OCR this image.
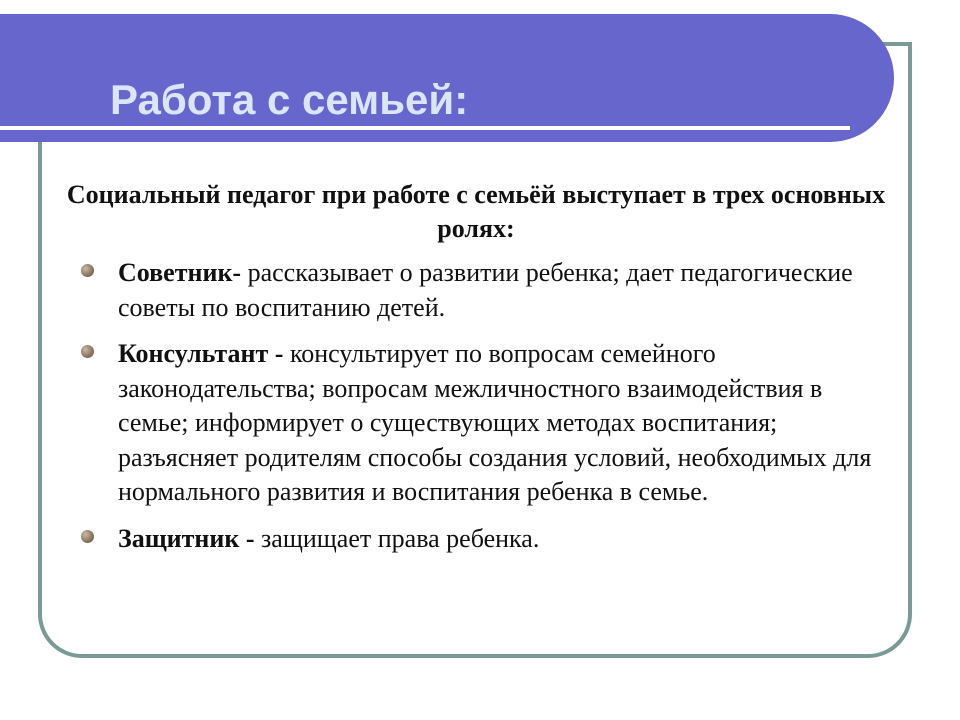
Работа с семьей:

Социальный педагог при работе с семьёй выступает в трех основных ролях:

Советник- рассказывает о развитии ребенка; дает педагогические советы по воспитанию детей.
Консультант - консультирует по вопросам семейного законодательства; вопросам межличностного взаимодействия в семье; информирует о существующих методах воспитания; разъясняет родителям способы создания условий, необходимых для нормального развития и воспитания ребенка в семье.
Защитник - защищает права ребенка.
